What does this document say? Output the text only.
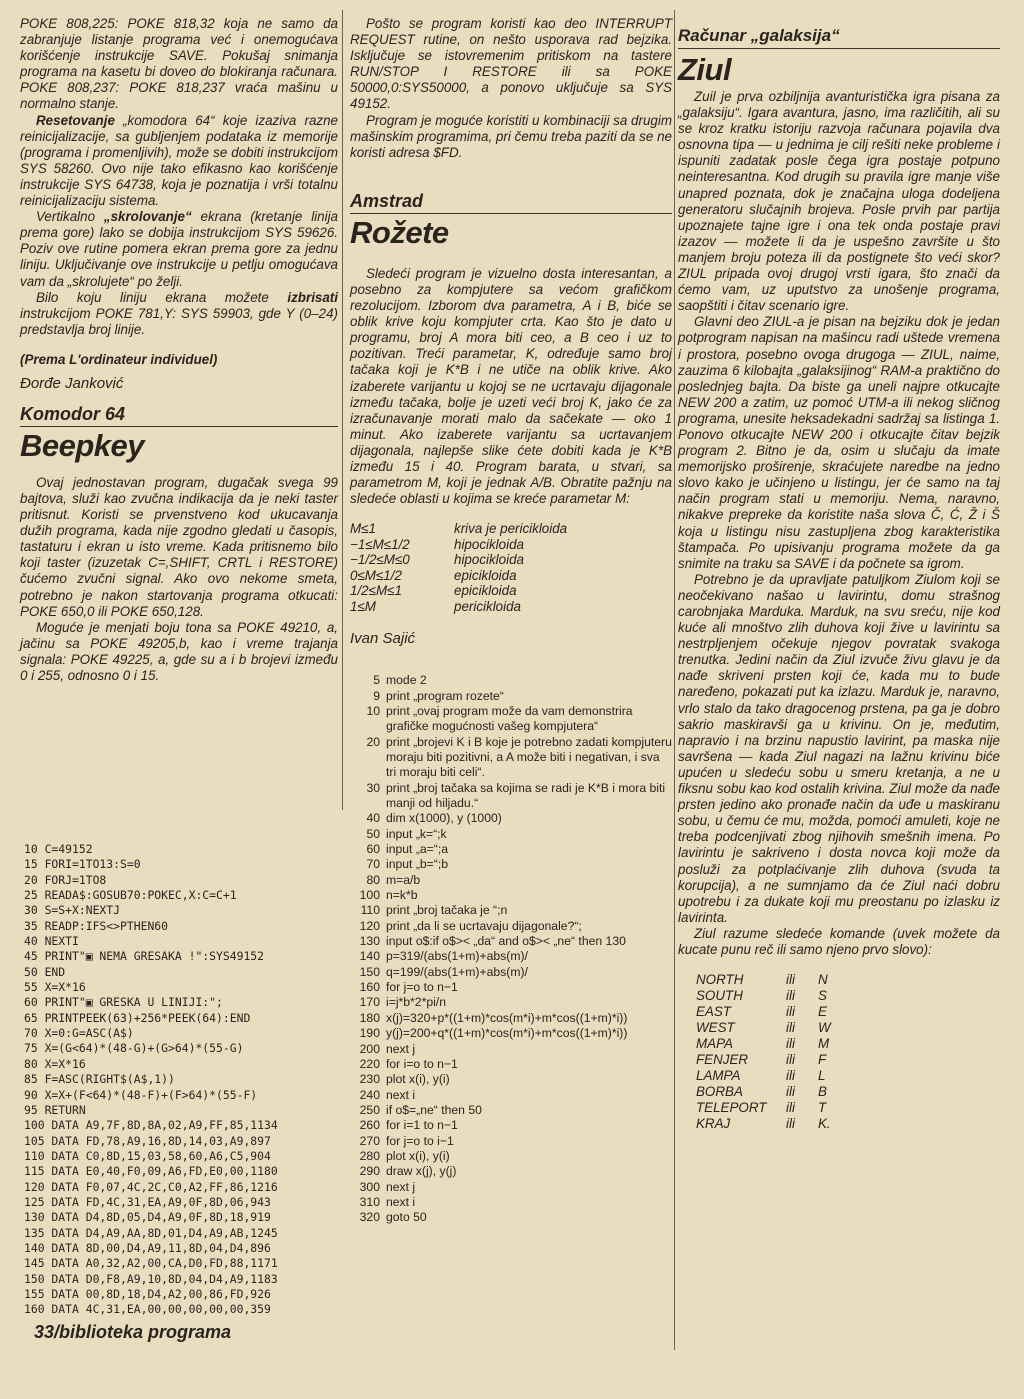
POKE 808,225: POKE 818,32 koja ne samo da zabranjuje listanje programa već i onemogućava korišćenje instrukcije SAVE. Pokušaj snimanja programa na kasetu bi doveo do blokiranja računara. POKE 808,237: POKE 818,237 vraća mašinu u normalno stanje.

Resetovanje „komodora 64“ koje izaziva razne reinicijalizacije, sa gubljenjem podataka iz memorije (programa i promenljivih), može se dobiti instrukcijom SYS 58260. Ovo nije tako efikasno kao korišćenje instrukcije SYS 64738, koja je poznatija i vrši totalnu reinicijalizaciju sistema.

Vertikalno „skrolovanje“ ekrana (kretanje linija prema gore) lako se dobija instrukcijom SYS 59626. Poziv ove rutine pomera ekran prema gore za jednu liniju. Uključivanje ove instrukcije u petlju omogućava vam da „skrolujete“ po želji.

Bilo koju liniju ekrana možete izbrisati instrukcijom POKE 781,Y: SYS 59903, gde Y (0–24) predstavlja broj linije.

(Prema L'ordinateur individuel)
Đorđe Janković
Komodor 64
Beepkey

Ovaj jednostavan program, dugačak svega 99 bajtova, služi kao zvučna indikacija da je neki taster pritisnut. Koristi se prvenstveno kod ukucavanja dužih programa, kada nije zgodno gledati u časopis, tastaturu i ekran u isto vreme. Kada pritisnemo bilo koji taster (izuzetak C=,SHIFT, CRTL i RESTORE) čućemo zvučni signal. Ako ovo nekome smeta, potrebno je nakon startovanja programa otkucati: POKE 650,0 ili POKE 650,128.

Moguće je menjati boju tona sa POKE 49210, a, jačinu sa POKE 49205,b, kao i vreme trajanja signala: POKE 49225, a, gde su a i b brojevi između 0 i 255, odnosno 0 i 15.

10 C=49152
15 FORI=1TO13:S=0
20 FORJ=1TO8
25 READA$:GOSUB70:POKEC,X:C=C+1
30 S=S+X:NEXTJ
35 READP:IFS<>PTHEN60
40 NEXTI
45 PRINT"▣ NEMA GRESAKA !":SYS49152
50 END
55 X=X*16
60 PRINT"▣ GRESKA U LINIJI:";
65 PRINTPEEK(63)+256*PEEK(64):END
70 X=0:G=ASC(A$)
75 X=(G<64)*(48-G)+(G>64)*(55-G)
80 X=X*16
85 F=ASC(RIGHT$(A$,1))
90 X=X+(F<64)*(48-F)+(F>64)*(55-F)
95 RETURN
100 DATA A9,7F,8D,8A,02,A9,FF,85,1134
105 DATA FD,78,A9,16,8D,14,03,A9,897
110 DATA C0,8D,15,03,58,60,A6,C5,904
115 DATA E0,40,F0,09,A6,FD,E0,00,1180
120 DATA F0,07,4C,2C,C0,A2,FF,86,1216
125 DATA FD,4C,31,EA,A9,0F,8D,06,943
130 DATA D4,8D,05,D4,A9,0F,8D,18,919
135 DATA D4,A9,AA,8D,01,D4,A9,AB,1245
140 DATA 8D,00,D4,A9,11,8D,04,D4,896
145 DATA A0,32,A2,00,CA,D0,FD,88,1171
150 DATA D0,F8,A9,10,8D,04,D4,A9,1183
155 DATA 00,8D,18,D4,A2,00,86,FD,926
160 DATA 4C,31,EA,00,00,00,00,00,359
33/biblioteka programa

Pošto se program koristi kao deo INTERRUPT REQUEST rutine, on nešto usporava rad bejzika. Isključuje se istovremenim pritiskom na tastere RUN/STOP I RESTORE ili sa POKE 50000,0:SYS50000, a ponovo uključuje sa SYS 49152.

Program je moguće koristiti u kombinaciji sa drugim mašinskim programima, pri čemu treba paziti da se ne koristi adresa $FD.

Amstrad
Rožete

Sledeći program je vizuelno dosta interesantan, a posebno za kompjutere sa većom grafičkom rezolucijom. Izborom dva parametra, A i B, biće se oblik krive koju kompjuter crta. Kao što je dato u programu, broj A mora biti ceo, a B ceo i uz to pozitivan. Treći parametar, K, određuje samo broj tačaka koji je K*B i ne utiče na oblik krive. Ako izaberete varijantu u kojoj se ne ucrtavaju dijagonale između tačaka, bolje je uzeti veći broj K, jako će za izračunavanje morati malo da sačekate — oko 1 minut. Ako izaberete varijantu sa ucrtavanjem dijagonala, najlepše slike ćete dobiti kada je K*B između 15 i 40. Program barata, u stvari, sa parametrom M, koji je jednak A/B. Obratite pažnju na sledeće oblasti u kojima se kreće parametar M:

M≤1	kriva je pericikloida
−1≤M≤1/2	hipocikloida
−1/2≤M≤0	hipocikloida
0≤M≤1/2	epicikloida
1/2≤M≤1	epicikloida
1≤M	pericikloida
Ivan Sajić
5 mode 2
9 print „program rozete“
10 print „ovaj program može da vam demonstrira grafičke mogućnosti vašeg kompjutera“
20 print „brojevi K i B koje je potrebno zadati kompjuteru moraju biti pozitivni, a A može biti i negativan, i sva tri moraju biti celi“.
30 print „broj tačaka sa kojima se radi je K*B i mora biti manji od hiljadu.“
40 dim x(1000), y (1000)
50 input „k=“;k
60 input „a=“;a
70 input „b=“;b
80 m=a/b
100 n=k*b
110 print „broj tačaka je “;n
120 print „da li se ucrtavaju dijagonale?“;
130 input o$:if o$>< „da“ and o$>< „ne“ then 130
140 p=319/(abs(1+m)+abs(m)/
150 q=199/(abs(1+m)+abs(m)/
160 for j=o to n−1
170 i=j*b*2*pi/n
180 x(j)=320+p*((1+m)*cos(m*i)+m*cos((1+m)*i))
190 y(j)=200+q*((1+m)*cos(m*i)+m*cos((1+m)*i))
200 next j
220 for i=o to n−1
230 plot x(i), y(i)
240 next i
250 if o$=„ne“ then 50
260 for i=1 to n−1
270 for j=o to i−1
280 plot x(i), y(i)
290 draw x(j), y(j)
300 next j
310 next i
320 goto 50
Računar „galaksija“
Ziul

Zuil je prva ozbiljnija avanturistička igra pisana za „galaksiju“. Igara avantura, jasno, ima različitih, ali su se kroz kratku istoriju razvoja računara pojavila dva osnovna tipa — u jednima je cilj rešiti neke probleme i ispuniti zadatak posle čega igra postaje potpuno neinteresantna. Kod drugih su pravila igre manje više unapred poznata, dok je značajna uloga dodeljena generatoru slučajnih brojeva. Posle prvih par partija upoznajete tajne igre i ona tek onda postaje pravi izazov — možete li da je uspešno završite u što manjem broju poteza ili da postignete što veći skor? ZIUL pripada ovoj drugoj vrsti igara, što znači da ćemo vam, uz uputstvo za unošenje programa, saopštiti i čitav scenario igre.

Glavni deo ZIUL-a je pisan na bejziku dok je jedan potprogram napisan na mašincu radi uštede vremena i prostora, posebno ovoga drugoga — ZIUL, naime, zauzima 6 kilobajta „galaksijinog“ RAM-a praktično do poslednjeg bajta. Da biste ga uneli najpre otkucajte NEW 200 a zatim, uz pomoć UTM-a ili nekog sličnog programa, unesite heksadekadni sadržaj sa listinga 1. Ponovo otkucajte NEW 200 i otkucajte čitav bejzik program 2. Bitno je da, osim u slučaju da imate memorijsko proširenje, skraćujete naredbe na jedno slovo kako je učinjeno u listingu, jer će samo na taj način program stati u memoriju. Nema, naravno, nikakve prepreke da koristite naša slova Č, Ć, Ž i Š koja u listingu nisu zastupljena zbog karakteristika štampača. Po upisivanju programa možete da ga snimite na traku sa SAVE i da počnete sa igrom.

Potrebno je da upravljate patuljkom Ziulom koji se neočekivano našao u lavirintu, domu strašnog carobnjaka Marduka. Marduk, na svu sreću, nije kod kuće ali mnoštvo zlih duhova koji žive u lavirintu sa nestrpljenjem očekuje njegov povratak svakoga trenutka. Jedini način da Ziul izvuče živu glavu je da nađe skriveni prsten koji će, kada mu to bude naređeno, pokazati put ka izlazu. Marduk je, naravno, vrlo stalo da tako dragocenog prstena, pa ga je dobro sakrio maskiravši ga u krivinu. On je, međutim, napravio i na brzinu napustio lavirint, pa maska nije savršena — kada Ziul nagazi na lažnu krivinu biće upućen u sledeću sobu u smeru kretanja, a ne u fiksnu sobu kao kod ostalih krivina. Ziul može da nađe prsten jedino ako pronađe način da uđe u maskiranu sobu, u čemu će mu, možda, pomoći amuleti, koje ne treba podcenjivati zbog njihovih smešnih imena. Po lavirintu je sakriveno i dosta novca koji može da posluži za potplaćivanje zlih duhova (svuda ta korupcija), a ne sumnjamo da će Ziul naći dobru upotrebu i za dukate koji mu preostanu po izlasku iz lavirinta.

Ziul razume sledeće komande (uvek možete da kucate punu reč ili samo njeno prvo slovo):

NORTH	ili	N
SOUTH	ili	S
EAST	ili	E
WEST	ili	W
MAPA	ili	M
FENJER	ili	F
LAMPA	ili	L
BORBA	ili	B
TELEPORT	ili	T
KRAJ	ili	K.
